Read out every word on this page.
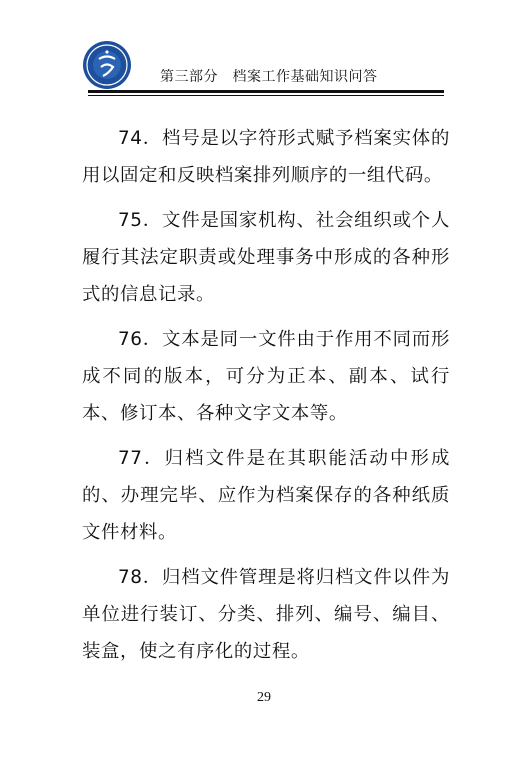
第三部分　档案工作基础知识问答

74．档号是以字符形式赋予档案实体的用以固定和反映档案排列顺序的一组代码。

75．文件是国家机构、社会组织或个人履行其法定职责或处理事务中形成的各种形式的信息记录。

76．文本是同一文件由于作用不同而形成不同的版本，可分为正本、副本、试行本、修订本、各种文字文本等。

77．归档文件是在其职能活动中形成的、办理完毕、应作为档案保存的各种纸质文件材料。

78．归档文件管理是将归档文件以件为单位进行装订、分类、排列、编号、编目、装盒，使之有序化的过程。

29
